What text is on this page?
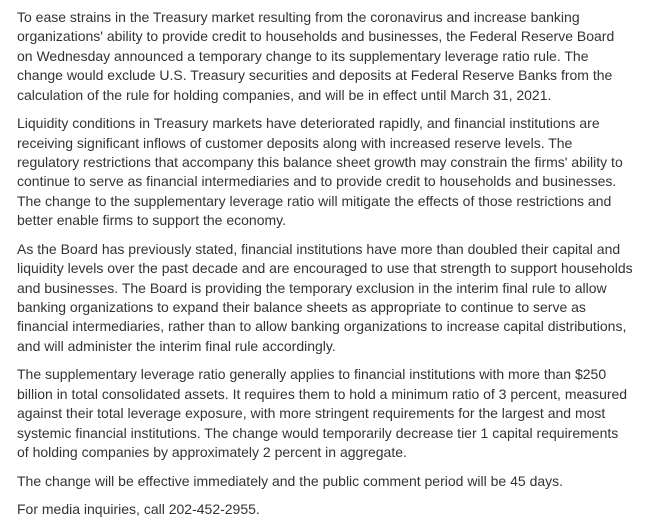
To ease strains in the Treasury market resulting from the coronavirus and increase banking
organizations' ability to provide credit to households and businesses, the Federal Reserve Board
on Wednesday announced a temporary change to its supplementary leverage ratio rule. The
change would exclude U.S. Treasury securities and deposits at Federal Reserve Banks from the
calculation of the rule for holding companies, and will be in effect until March 31, 2021.

Liquidity conditions in Treasury markets have deteriorated rapidly, and financial institutions are
receiving significant inflows of customer deposits along with increased reserve levels. The
regulatory restrictions that accompany this balance sheet growth may constrain the firms' ability to
continue to serve as financial intermediaries and to provide credit to households and businesses.
The change to the supplementary leverage ratio will mitigate the effects of those restrictions and
better enable firms to support the economy.

As the Board has previously stated, financial institutions have more than doubled their capital and
liquidity levels over the past decade and are encouraged to use that strength to support households
and businesses. The Board is providing the temporary exclusion in the interim final rule to allow
banking organizations to expand their balance sheets as appropriate to continue to serve as
financial intermediaries, rather than to allow banking organizations to increase capital distributions,
and will administer the interim final rule accordingly.

The supplementary leverage ratio generally applies to financial institutions with more than $250
billion in total consolidated assets. It requires them to hold a minimum ratio of 3 percent, measured
against their total leverage exposure, with more stringent requirements for the largest and most
systemic financial institutions. The change would temporarily decrease tier 1 capital requirements
of holding companies by approximately 2 percent in aggregate.

The change will be effective immediately and the public comment period will be 45 days.

For media inquiries, call 202-452-2955.
